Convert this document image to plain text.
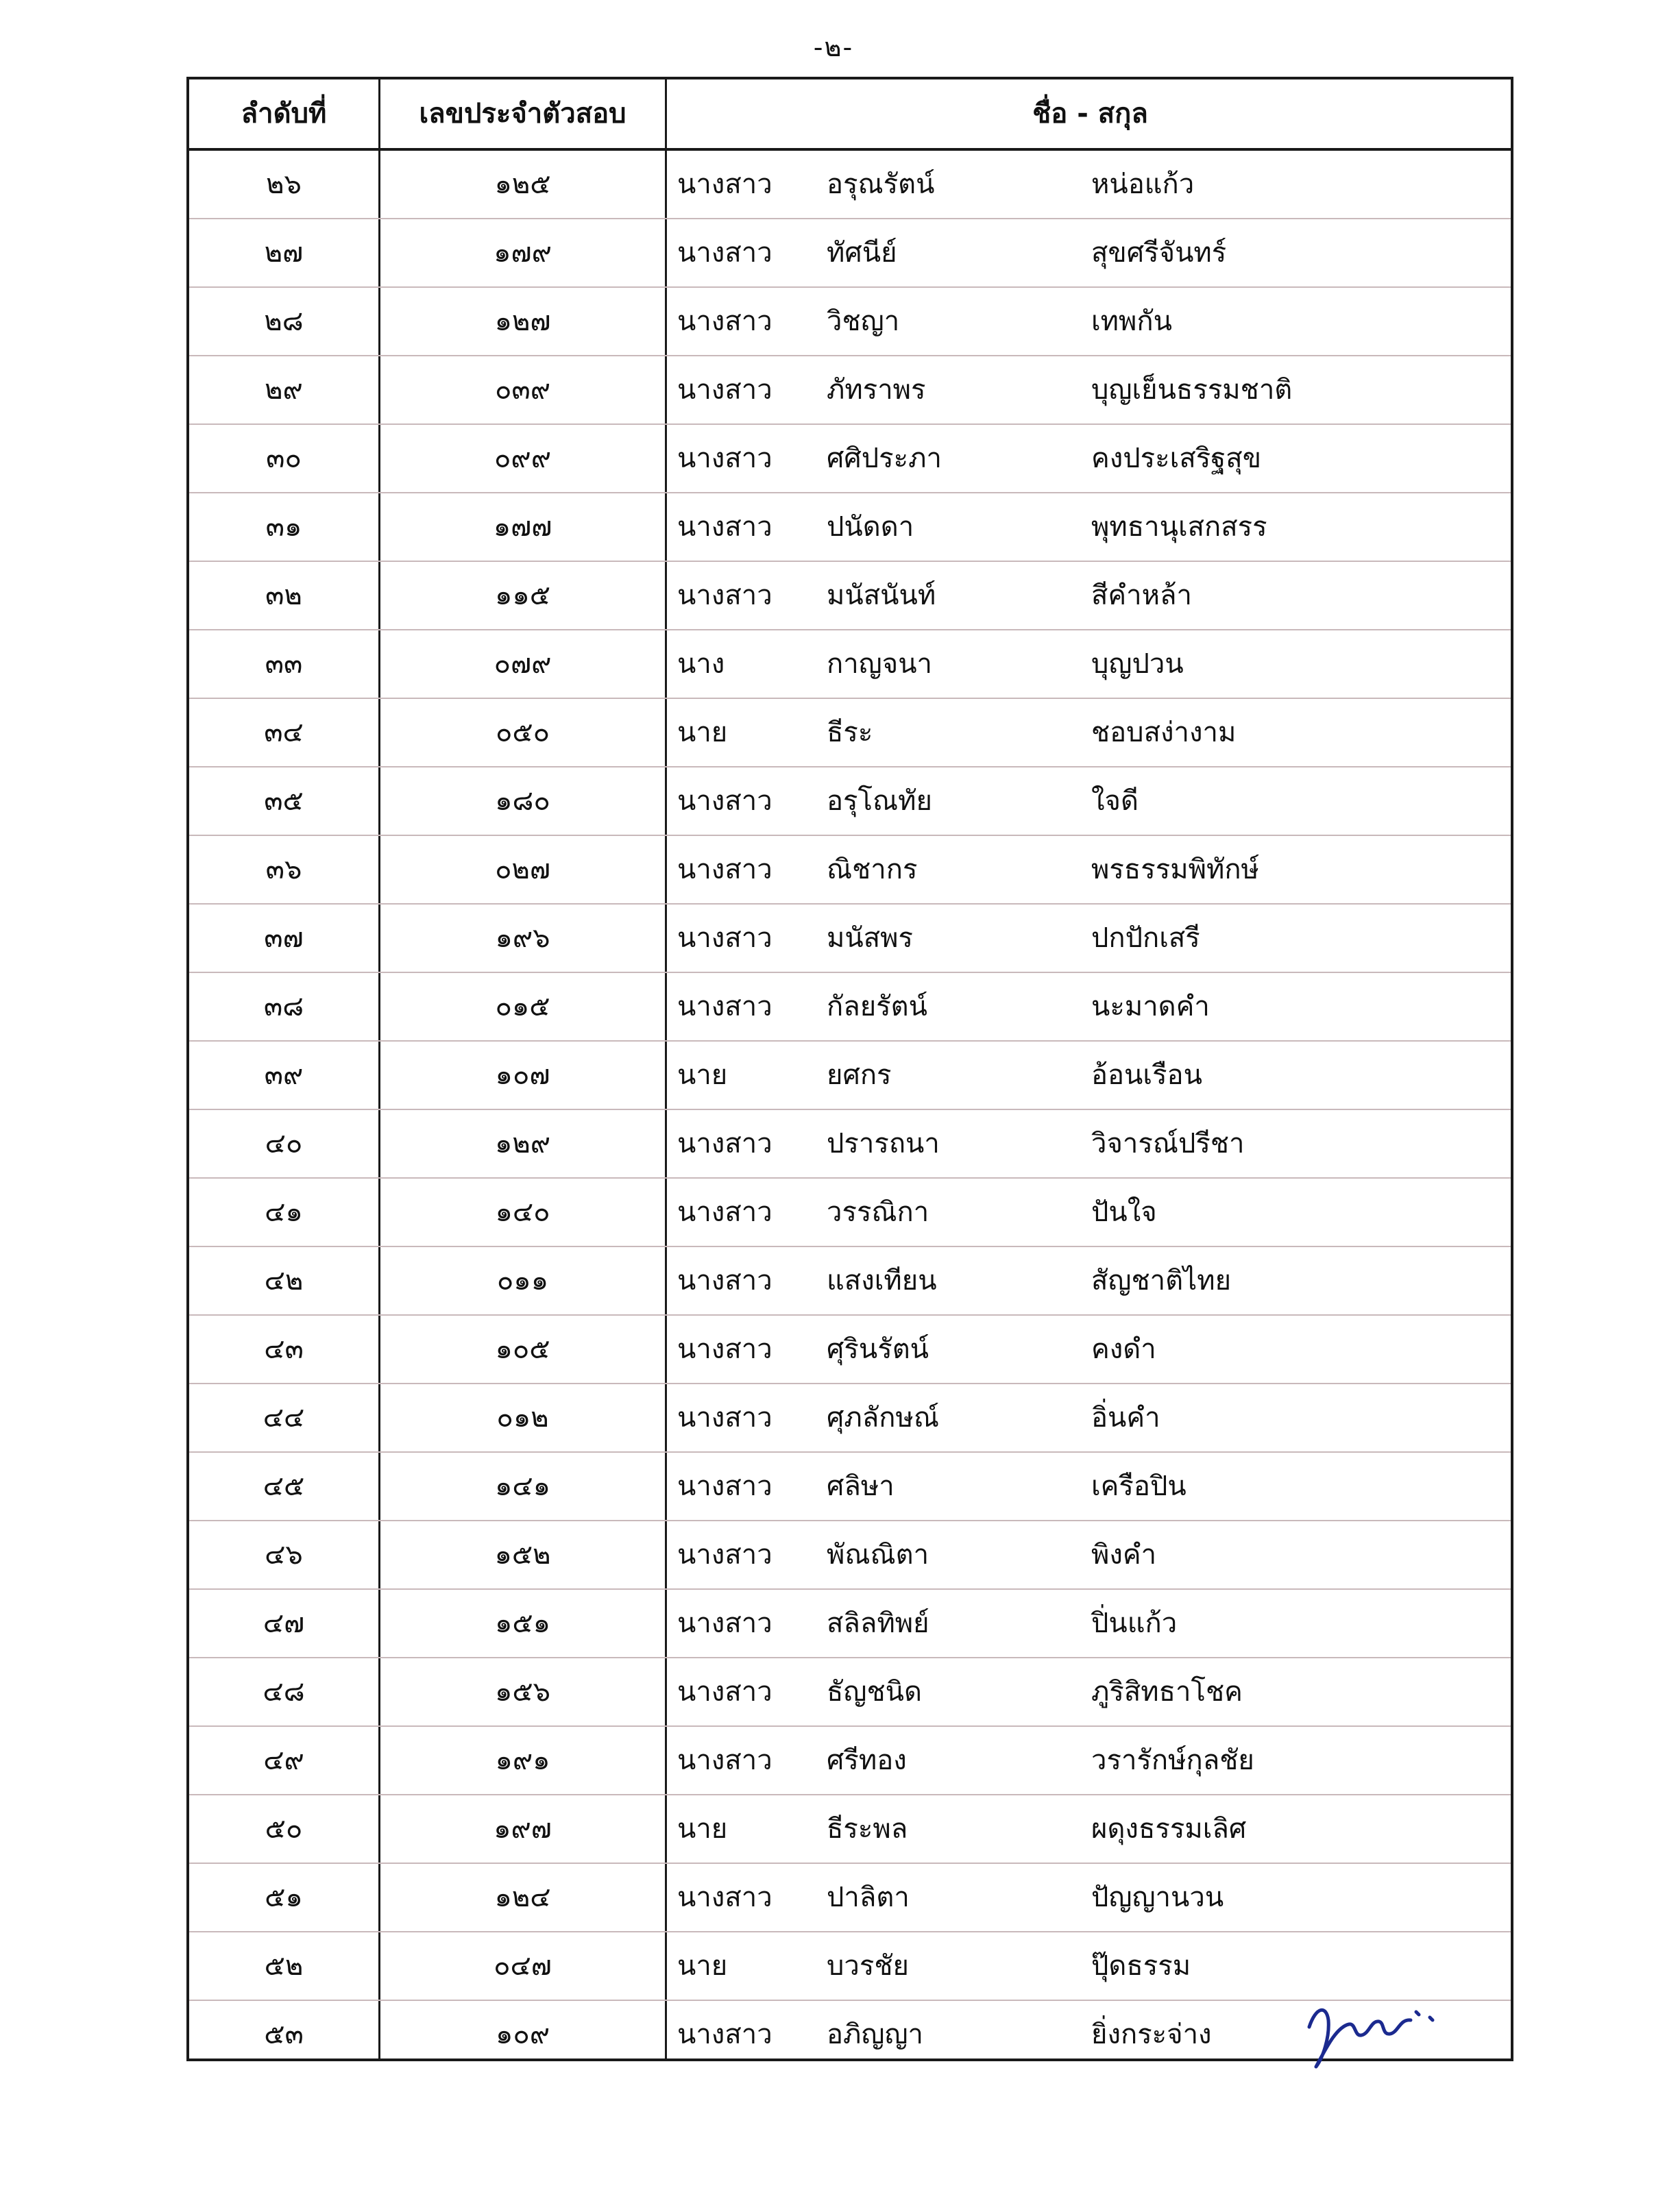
-๒-
ลำดับที่	เลขประจำตัวสอบ	ชื่อ - สกุล
๒๖	๑๒๕	นางสาว อรุณรัตน์	หน่อแก้ว
๒๗	๑๗๙	นางสาว ทัศนีย์	สุขศรีจันทร์
๒๘	๑๒๗	นางสาว วิชญา	เทพกัน
๒๙	๐๓๙	นางสาว ภัทราพร	บุญเย็นธรรมชาติ
๓๐	๐๙๙	นางสาว ศศิประภา	คงประเสริฐสุข
๓๑	๑๗๗	นางสาว ปนัดดา	พุทธานุเสกสรร
๓๒	๑๑๕	นางสาว มนัสนันท์	สีคำหล้า
๓๓	๐๗๙	นาง	กาญจนา	บุญปวน
๓๔	๐๕๐	นาย	ธีระ	ชอบสง่างาม
๓๕	๑๘๐	นางสาว อรุโณทัย	ใจดี
๓๖	๐๒๗	นางสาว ณิชากร	พรธรรมพิทักษ์
๓๗	๑๙๖	นางสาว มนัสพร	ปกปักเสรี
๓๘	๐๑๕	นางสาว กัลยรัตน์	นะมาดคำ
๓๙	๑๐๗	นาย	ยศกร	อ้อนเรือน
๔๐	๑๒๙	นางสาว ปรารถนา	วิจารณ์ปรีชา
๔๑	๑๔๐	นางสาว วรรณิกา	ปันใจ
๔๒	๐๑๑	นางสาว แสงเทียน	สัญชาติไทย
๔๓	๑๐๕	นางสาว ศุรินรัตน์	คงดำ
๔๔	๐๑๒	นางสาว ศุภลักษณ์	อิ่นคำ
๔๕	๑๔๑	นางสาว ศลิษา	เครือปิน
๔๖	๑๕๒	นางสาว พัณณิตา	พิงคำ
๔๗	๑๕๑	นางสาว สลิลทิพย์	ปิ่นแก้ว
๔๘	๑๕๖	นางสาว ธัญชนิด	ภูริสิทธาโชค
๔๙	๑๙๑	นางสาว ศรีทอง	วรารักษ์กุลชัย
๕๐	๑๙๗	นาย	ธีระพล	ผดุงธรรมเลิศ
๕๑	๑๒๔	นางสาว ปาลิตา	ปัญญานวน
๕๒	๐๔๗	นาย	บวรชัย	ปุ๊ดธรรม
๕๓	๑๐๙	นางสาว อภิญญา	ยิ่งกระจ่าง
